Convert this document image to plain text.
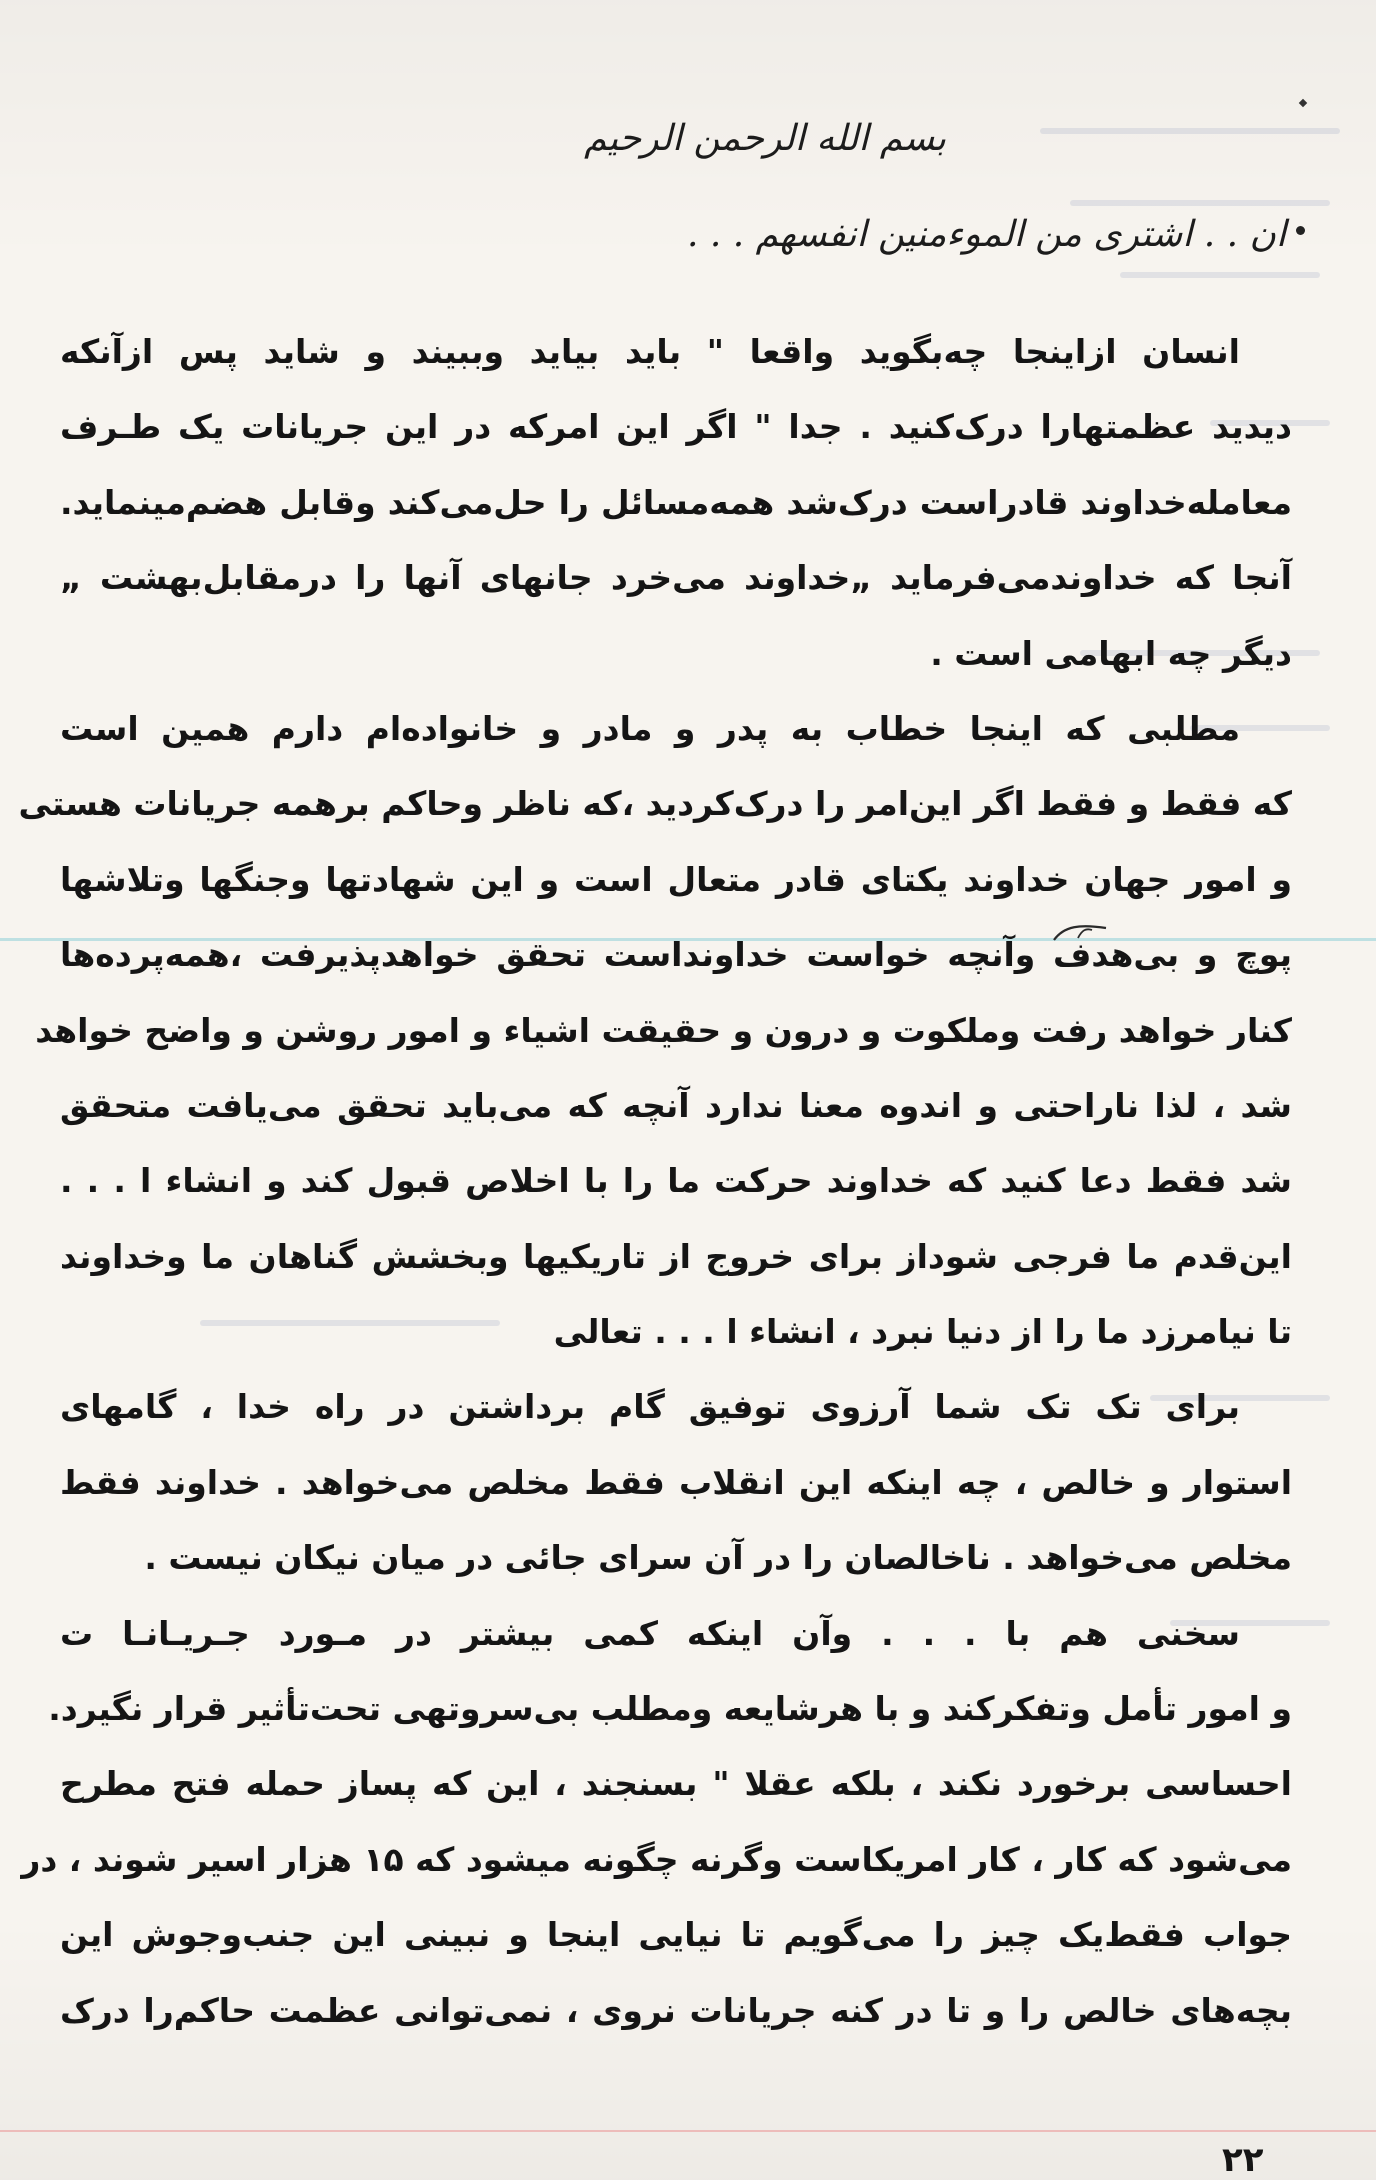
بسم الله الرحمن الرحيم
ان . . اشتری من الموءمنین انفسهم . . .
انسان ازاینجا چه‌بگوید واقعا " باید بیاید وببیند و شاید پس ازآنکه
دیدید عظمتهارا درک‌کنید . جدا " اگر این امرکه در این جریانات یک طـرف
معامله‌خداوند قادراست درک‌شد همه‌مسائل را حل‌می‌کند وقابل هضم‌مینماید.
آنجا که خداوندمی‌فرماید „خداوند می‌خرد جانهای آنها را درمقابل‌بهشت „
دیگر چه ابهامی است .
مطلبی که اینجا خطاب به پدر و مادر و خانواده‌ام دارم همین است
که فقط و فقط اگر این‌امر را درک‌کردید ،که ناظر وحاکم برهمه جریانات هستی
و امور جهان خداوند یکتای قادر متعال است و این شهادتها وجنگها وتلاشها
پوچ و بی‌هدف وآنچه خواست خداونداست تحقق خواهدپذیرفت ،همه‌پرده‌ها
کنار خواهد رفت وملکوت و درون و حقیقت اشیاء و امور روشن و واضح خواهد
شد ، لذا ناراحتی و اندوه معنا ندارد آنچه که می‌باید تحقق می‌یافت متحقق
شد فقط دعا کنید که خداوند حرکت ما را با اخلاص قبول کند و انشاء ا . . .
این‌قدم ما فرجی شوداز برای خروج از تاریکیها وبخشش گناهان ما وخداوند
تا نیامرزد ما را از دنیا نبرد ، انشاء ا . . . تعالی
برای تک تک شما آرزوی توفیق گام برداشتن در راه خدا ، گامهای
استوار و خالص ، چه اینکه این انقلاب فقط مخلص می‌خواهد . خداوند فقط
مخلص می‌خواهد . ناخالصان را در آن سرای جائی در میان نیکان نیست .
سخنی هم با . . . وآن اینکه کمی بیشتر در مـورد جـریـانـا ت
و امور تأمل وتفکرکند و با هرشایعه ومطلب بی‌سروتهی تحت‌تأثیر قرار نگیرد.
احساسی برخورد نکند ، بلکه عقلا " بسنجند ، این که پساز حمله فتح مطرح
می‌شود که کار ، کار امریکاست وگرنه چگونه میشود که ۱۵ هزار اسیر شوند ، در
جواب فقط‌یک چیز را می‌گویم تا نیایی اینجا و نبینی این جنب‌وجوش این
بچه‌های خالص را و تا در کنه جریانات نروی ، نمی‌توانی عظمت حاکم‌را درک
۲۲
